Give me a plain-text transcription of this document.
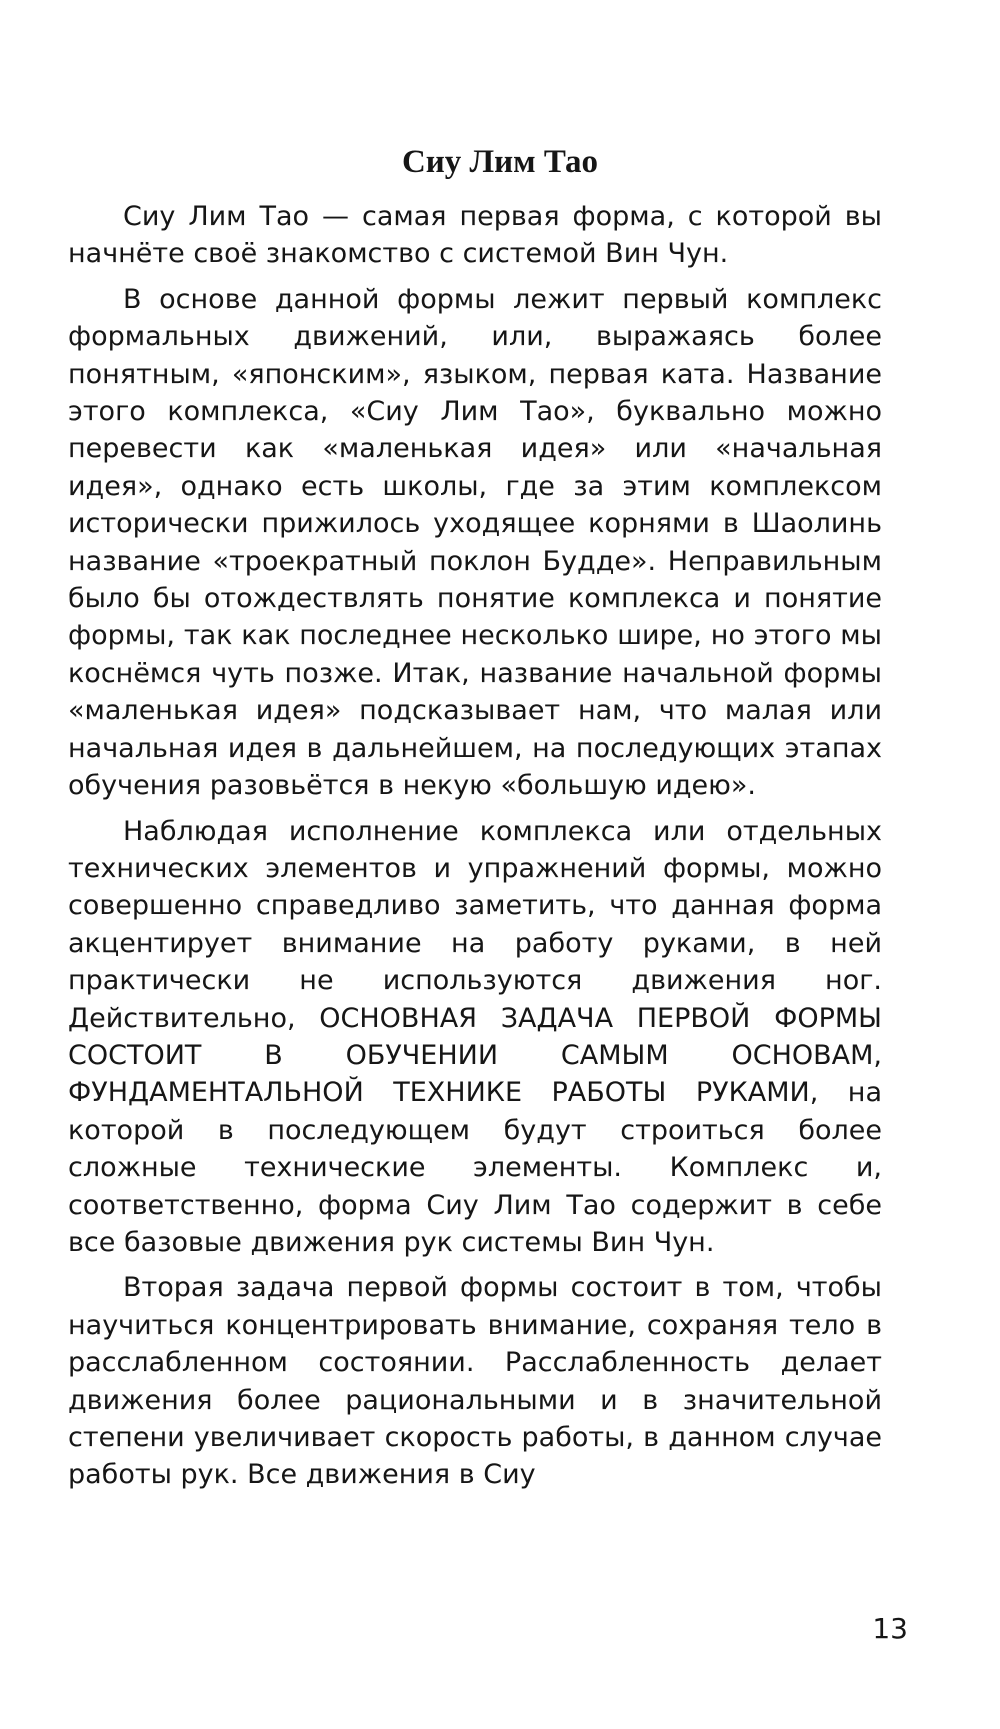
Сиу Лим Тао

Сиу Лим Тао — самая первая форма, с которой вы начнёте своё знакомство с системой Вин Чун.

В основе данной формы лежит первый комплекс формальных движений, или, выражаясь более понятным, «японским», языком, первая ката. Название этого комплекса, «Сиу Лим Тао», буквально можно перевести как «маленькая идея» или «начальная идея», однако есть школы, где за этим комплексом исторически прижилось уходящее корнями в Шаолинь название «троекратный поклон Будде». Неправильным было бы отождествлять понятие комплекса и понятие формы, так как последнее несколько шире, но этого мы коснёмся чуть позже. Итак, название начальной формы «маленькая идея» подсказывает нам, что малая или начальная идея в дальнейшем, на последующих этапах обучения разовьётся в некую «большую идею».

Наблюдая исполнение комплекса или отдельных технических элементов и упражнений формы, можно совершенно справедливо заметить, что данная форма акцентирует внимание на работу руками, в ней практически не используются движения ног. Действительно, ОСНОВНАЯ ЗАДАЧА ПЕРВОЙ ФОРМЫ СОСТОИТ В ОБУЧЕНИИ САМЫМ ОСНОВАМ, ФУНДАМЕНТАЛЬНОЙ ТЕХНИКЕ РАБОТЫ РУКАМИ, на которой в последующем будут строиться более сложные технические элементы. Комплекс и, соответственно, форма Сиу Лим Тао содержит в себе все базовые движения рук системы Вин Чун.

Вторая задача первой формы состоит в том, чтобы научиться концентрировать внимание, сохраняя тело в расслабленном состоянии. Расслабленность делает движения более рациональными и в значительной степени увеличивает скорость работы, в данном случае работы рук. Все движения в Сиу

13
